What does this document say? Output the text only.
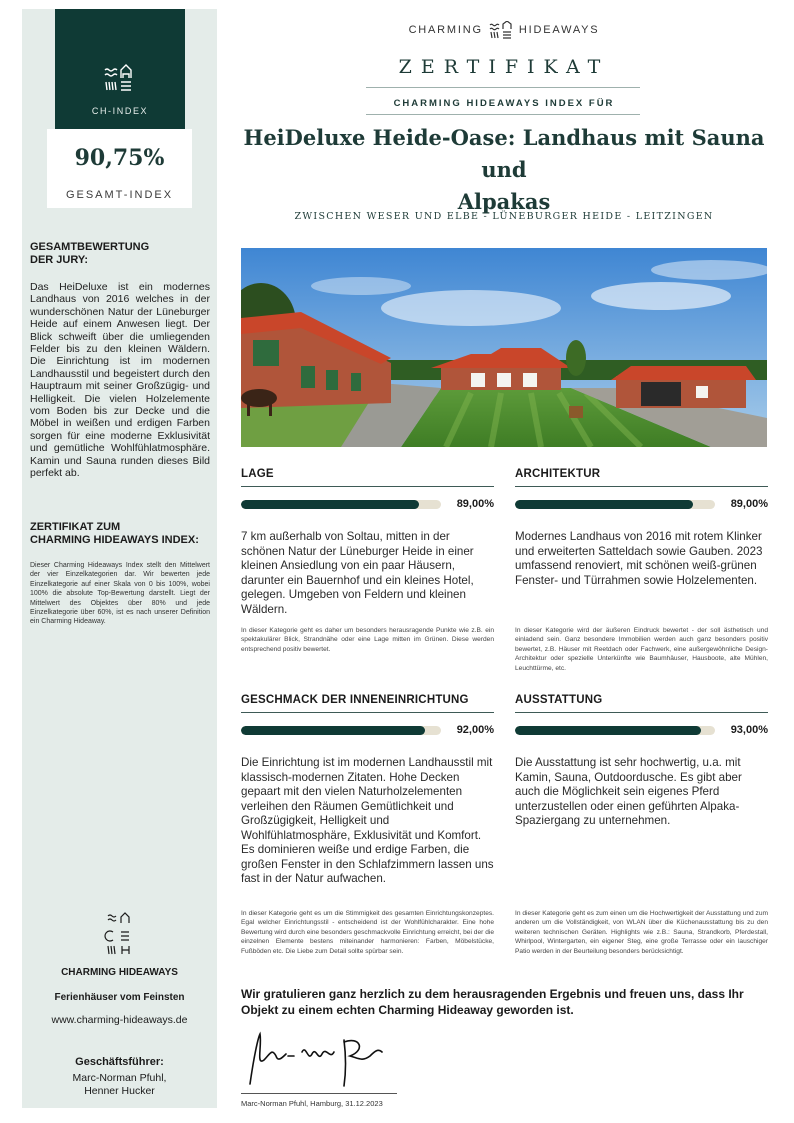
CH-INDEX
90,75%
GESAMT-INDEX
GESAMTBEWERTUNG
DER JURY:
Das HeiDeluxe ist ein modernes Landhaus von 2016 welches in der wunderschönen Natur der Lüneburger Heide auf einem Anwesen liegt. Der Blick schweift über die umliegenden Felder bis zu den kleinen Wäldern. Die Einrichtung ist im modernen Landhausstil und begeistert durch den Hauptraum mit seiner Großzügig- und Helligkeit. Die vielen Holzelemente vom Boden bis zur Decke und die Möbel in weißen und erdigen Farben sorgen für eine moderne Exklusivität und gemütliche Wohlfühlatmosphäre. Kamin und Sauna runden dieses Bild perfekt ab.
ZERTIFIKAT ZUM
CHARMING HIDEAWAYS INDEX:
Dieser Charming Hideaways Index stellt den Mittelwert der vier Einzelkategorien dar. Wir bewerten jede Einzelkategorie auf einer Skala von 0 bis 100%, wobei 100% die absolute Top-Bewertung darstellt. Liegt der Mittelwert des Objektes über 80% und jede Einzelkategorie über 60%, ist es nach unserer Definition ein Charming Hideaway.
CHARMING HIDEAWAYS
Ferienhäuser vom Feinsten
www.charming-hideaways.de
Geschäftsführer:
Marc-Norman Pfuhl,
Henner Hucker
CHARMING	HIDEAWAYS
ZERTIFIKAT
CHARMING HIDEAWAYS INDEX FÜR
HeiDeluxe Heide-Oase: Landhaus mit Sauna und
Alpakas
ZWISCHEN WESER UND ELBE - LÜNEBURGER HEIDE - LEITZINGEN
LAGE
89,00%
7 km außerhalb von Soltau, mitten in der schönen Natur der Lüneburger Heide in einer kleinen Ansiedlung von ein paar Häusern, darunter ein Bauernhof und ein kleines Hotel, gelegen. Umgeben von Feldern und kleinen Wäldern.
In dieser Kategorie geht es daher um besonders herausragende Punkte wie z.B. ein spektakulärer Blick, Strandnähe oder eine Lage mitten im Grünen. Diese werden entsprechend positiv bewertet.
ARCHITEKTUR
89,00%
Modernes Landhaus von 2016 mit rotem Klinker und erweiterten Satteldach sowie Gauben. 2023 umfassend renoviert, mit schönen weiß-grünen Fenster- und Türrahmen sowie Holzelementen.
In dieser Kategorie wird der äußeren Eindruck bewertet - der soll ästhetisch und einladend sein. Ganz besondere Immobilien werden auch ganz besonders positiv bewertet, z.B. Häuser mit Reetdach oder Fachwerk, eine außergewöhnliche Design-Architektur oder spezielle Unterkünfte wie Baumhäuser, Hausboote, alte Mühlen, Leuchttürme, etc.
GESCHMACK DER INNENEINRICHTUNG
92,00%
Die Einrichtung ist im modernen Landhausstil mit klassisch-modernen Zitaten. Hohe Decken gepaart mit den vielen Naturholzelementen verleihen den Räumen Gemütlichkeit und Großzügigkeit, Helligkeit und Wohlfühlatmosphäre, Exklusivität und Komfort. Es dominieren weiße und erdige Farben, die großen Fenster in den Schlafzimmern lassen uns fast in der Natur aufwachen.
In dieser Kategorie geht es um die Stimmigkeit des gesamten Einrichtungskonzeptes. Egal welcher Einrichtungsstil - entscheidend ist der Wohlfühlcharakter. Eine hohe Bewertung wird durch eine besonders geschmackvolle Einrichtung erreicht, bei der die einzelnen Elemente bestens miteinander harmonieren: Farben, Möbelstücke, Fußböden etc. Die Liebe zum Detail sollte spürbar sein.
AUSSTATTUNG
93,00%
Die Ausstattung ist sehr hochwertig, u.a. mit Kamin, Sauna, Outdoordusche. Es gibt aber auch die Möglichkeit sein eigenes Pferd unterzustellen oder einen geführten Alpaka-Spaziergang zu unternehmen.
In dieser Kategorie geht es zum einen um die Hochwertigkeit der Ausstattung und zum anderen um die Vollständigkeit, von WLAN über die Küchenausstattung bis zu den weiteren technischen Geräten. Highlights wie z.B.: Sauna, Strandkorb, Pferdestall, Whirlpool, Wintergarten, ein eigener Steg, eine große Terrasse oder ein lauschiger Patio werden in der Beurteilung besonders berücksichtigt.
Wir gratulieren ganz herzlich zu dem herausragenden Ergebnis und freuen uns, dass Ihr Objekt zu einem echten Charming Hideaway geworden ist.
Marc-Norman Pfuhl, Hamburg, 31.12.2023
